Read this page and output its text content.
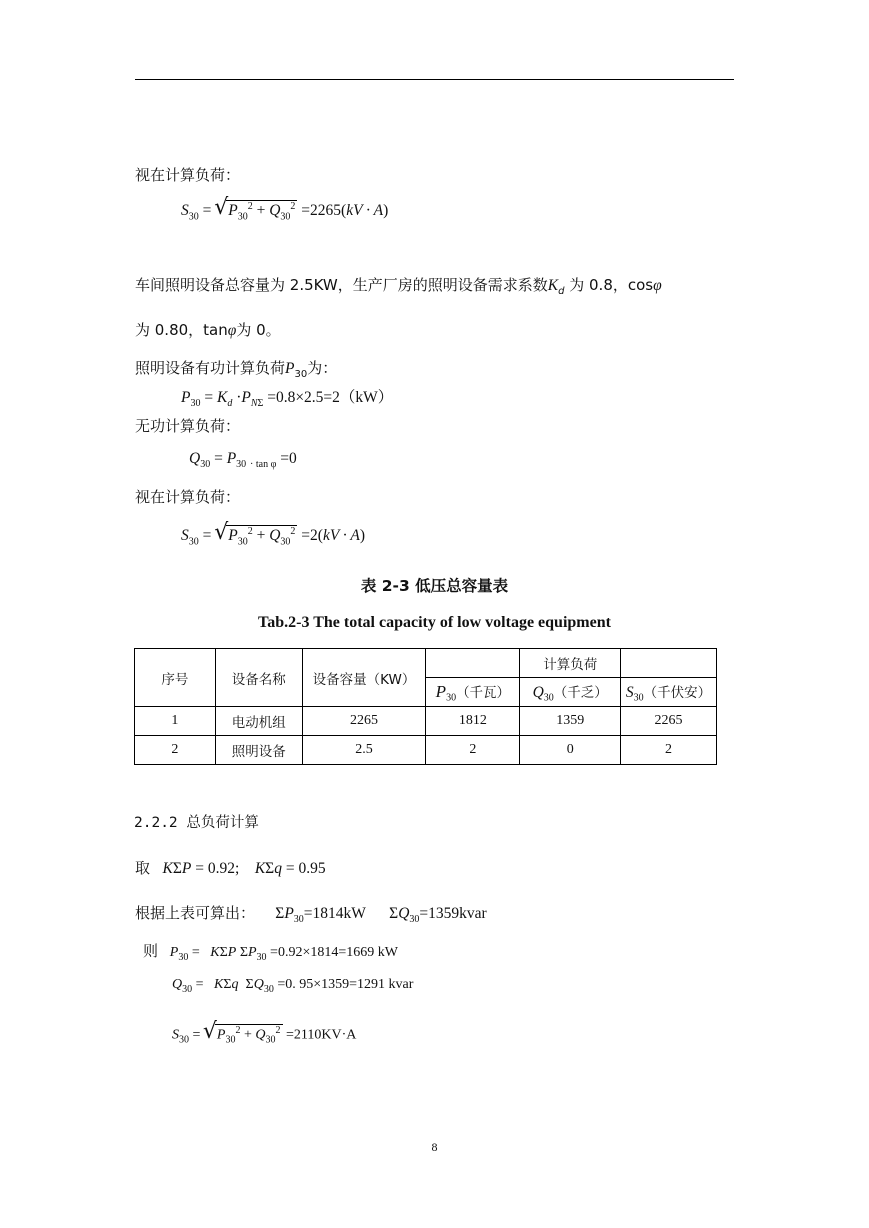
视在计算负荷：
$S_{30}$ = √ $P_{30}^2 + Q_{30}^2 =2265(kV \cdot A)$
车间照明设备总容量为 2.5KW，生产厂房的照明设备需求系数$K_d$ 为 0.8，cosφ
为 0.80，tanφ为 0。
照明设备有功计算负荷$P_{30}$为：
$P_{30} = K_d \cdot P_{N\Sigma} =0.8\times 2.5=2(kW)$
无功计算负荷：
$Q_{30} = P_{30}$ $_{\cdot tan \varphi}$ =0
视在计算负荷：
$S_{30}$ = √ $P_{30}^2 + Q_{30}^2 =2(kV \cdot A)$
表 2-3 低压总容量表
Tab.2-3 The total capacity of low voltage equipment
序号	设备名称	设备容量（KW）		计算负荷	
			$P_{30}$（千瓦）	$Q_{30}$（千乏）	$S_{30}$（千伏安）
1	电动机组	2265	1812	1359	2265
2	照明设备	2.5	2	0	2
2.2.2 总负荷计算
取 KΣP = 0.92; KΣq = 0.95
根据上表可算出：     $\Sigma P_{30}=1814kW$      $\Sigma Q_{30}=1359kvar$
则 $P_{30} = K\Sigma P$ $\Sigma P_{30} =0.92\times 1814=1669$ kW
$Q_{30} = K\Sigma q$  $\Sigma Q_{30} =0$. 95×1359=1291 kvar
$S_{30}$ = √ $P_{30}^2 + Q_{30}^2 =2110KV\cdot A$
8
